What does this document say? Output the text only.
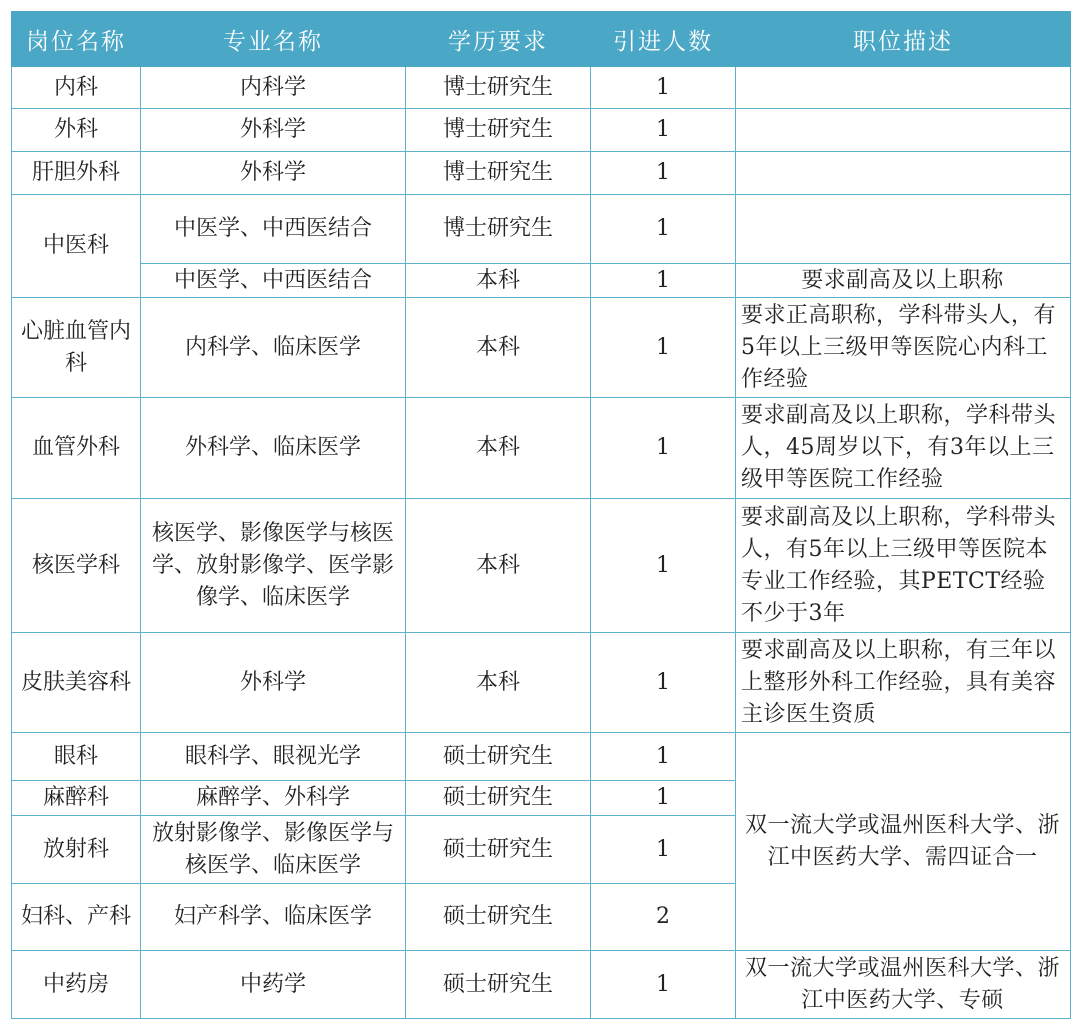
岗位名称	专业名称	学历要求	引进人数	职位描述
内科	内科学	博士研究生	1	
外科	外科学	博士研究生	1	
肝胆外科	外科学	博士研究生	1	
中医科	中医学、中西医结合	博士研究生	1	
	中医学、中西医结合	本科	1	要求副高及以上职称
心脏血管内科	内科学、临床医学	本科	1	要求正高职称，学科带头人，有5年以上三级甲等医院心内科工作经验
血管外科	外科学、临床医学	本科	1	要求副高及以上职称，学科带头人，45周岁以下，有3年以上三级甲等医院工作经验
核医学科	核医学、影像医学与核医学、放射影像学、医学影像学、临床医学	本科	1	要求副高及以上职称，学科带头人，有5年以上三级甲等医院本专业工作经验，其PETCT经验不少于3年
皮肤美容科	外科学	本科	1	要求副高及以上职称，有三年以上整形外科工作经验，具有美容主诊医生资质
眼科	眼科学、眼视光学	硕士研究生	1	双一流大学或温州医科大学、浙江中医药大学、需四证合一
麻醉科	麻醉学、外科学	硕士研究生	1	
放射科	放射影像学、影像医学与核医学、临床医学	硕士研究生	1	
妇科、产科	妇产科学、临床医学	硕士研究生	2	
中药房	中药学	硕士研究生	1	双一流大学或温州医科大学、浙江中医药大学、专硕
